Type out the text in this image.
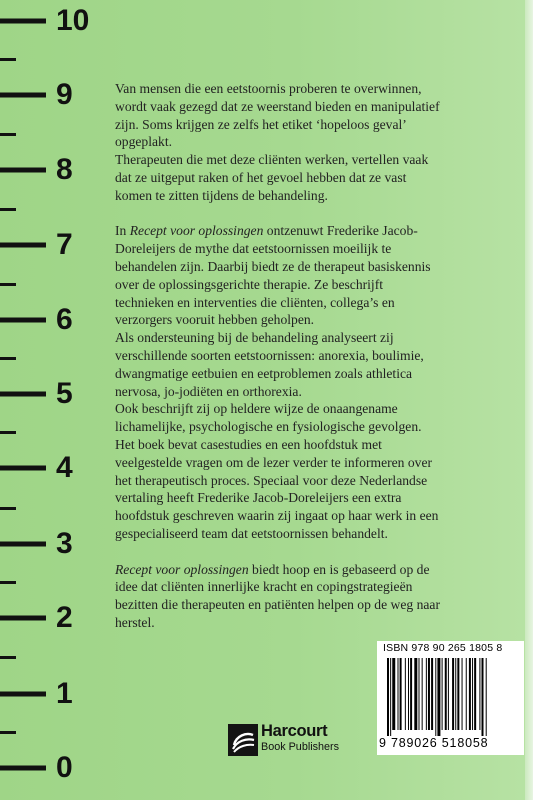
10
9
8
7
6
5
4
3
2
1
0

Van mensen die een eetstoornis proberen te overwinnen, wordt vaak gezegd dat ze weerstand bieden en manipulatief zijn. Soms krijgen ze zelfs het etiket ‘hopeloos geval’ opgeplakt.

Therapeuten die met deze cliënten werken, vertellen vaak dat ze uitgeput raken of het gevoel hebben dat ze vast komen te zitten tijdens de behandeling.

In Recept voor oplossingen ontzenuwt Frederike Jacob-Doreleijers de mythe dat eetstoornissen moeilijk te behandelen zijn. Daarbij biedt ze de therapeut basiskennis over de oplossingsgerichte therapie. Ze beschrijft technieken en interventies die cliënten, collega’s en verzorgers vooruit hebben geholpen.

Als ondersteuning bij de behandeling analyseert zij verschillende soorten eetstoornissen: anorexia, boulimie, dwangmatige eetbuien en eetproblemen zoals athletica nervosa, jo-jodiëten en orthorexia.

Ook beschrijft zij op heldere wijze de onaangename lichamelijke, psychologische en fysiologische gevolgen.

Het boek bevat casestudies en een hoofdstuk met veelgestelde vragen om de lezer verder te informeren over het therapeutisch proces. Speciaal voor deze Nederlandse vertaling heeft Frederike Jacob-Doreleijers een extra hoofdstuk geschreven waarin zij ingaat op haar werk in een gespecialiseerd team dat eetstoornissen behandelt.

Recept voor oplossingen biedt hoop en is gebaseerd op de idee dat cliënten innerlijke kracht en copingstrategieën bezitten die therapeuten en patiënten helpen op de weg naar herstel.

ISBN 978 90 265 1805 8
9 789026 518058
Harcourt
Book Publishers
